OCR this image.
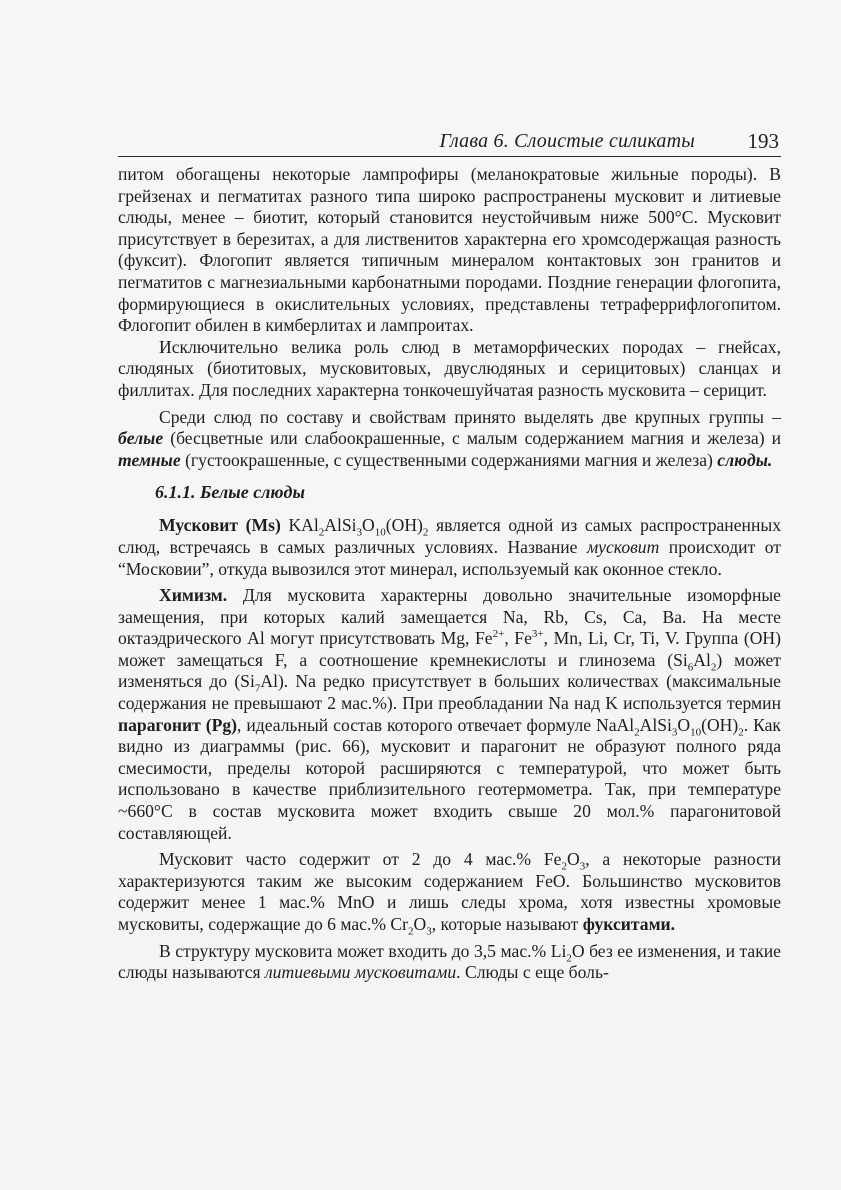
Глава 6. Слоистые силикаты	193

питом обогащены некоторые лампрофиры (меланократовые жильные породы). В грейзенах и пегматитах разного типа широко распространены мусковит и литиевые слюды, менее – биотит, который становится неустойчивым ниже 500°С. Мусковит присутствует в березитах, а для лиственитов характерна его хромсодержащая разность (фуксит). Флогопит является типичным минералом контактовых зон гранитов и пегматитов с магнезиальными карбонатными породами. Поздние генерации флогопита, формирующиеся в окислительных условиях, представлены тетраферрифлогопитом. Флогопит обилен в кимберлитах и лампроитах.

Исключительно велика роль слюд в метаморфических породах – гнейсах, слюдяных (биотитовых, мусковитовых, двуслюдяных и серицитовых) сланцах и филлитах. Для последних характерна тонкочешуйчатая разность мусковита – серицит.

Среди слюд по составу и свойствам принято выделять две крупных группы – белые (бесцветные или слабоокрашенные, с малым содержанием магния и железа) и темные (густоокрашенные, с существенными содержаниями магния и железа) слюды.

6.1.1. Белые слюды

Мусковит (Ms) $KAl_2AlSi_3O_{10}(OH)_2$ является одной из самых распространенных слюд, встречаясь в самых различных условиях. Название мусковит происходит от “Московии”, откуда вывозился этот минерал, используемый как оконное стекло.

Химизм. Для мусковита характерны довольно значительные изоморфные замещения, при которых калий замещается Na, Rb, Cs, Ca, Ba. На месте октаэдрического Al могут присутствовать Mg, $Fe^{2+}$, $Fe^{3+}$, Mn, Li, Cr, Ti, V. Группа (OH) может замещаться F, а соотношение кремнекислоты и глинозема $(Si_6Al_2)$ может изменяться до $(Si_7Al)$. Na редко присутствует в больших количествах (максимальные содержания не превышают 2 мас.%). При преобладании Na над K используется термин парагонит (Pg), идеальный состав которого отвечает формуле $NaAl_2AlSi_3O_{10}(OH)_2$. Как видно из диаграммы (рис. 66), мусковит и парагонит не образуют полного ряда смесимости, пределы которой расширяются с температурой, что может быть использовано в качестве приблизительного геотермометра. Так, при температуре ~660°С в состав мусковита может входить свыше 20 мол.% парагонитовой составляющей.

Мусковит часто содержит от 2 до 4 мас.% $Fe_2O_3$, а некоторые разности характеризуются таким же высоким содержанием FeO. Большинство мусковитов содержит менее 1 мас.% MnO и лишь следы хрома, хотя известны хромовые мусковиты, содержащие до 6 мас.% $Cr_2O_3$, которые называют фукситами.

В структуру мусковита может входить до 3,5 мас.% $Li_2O$ без ее изменения, и такие слюды называются литиевыми мусковитами. Слюды с еще боль-
